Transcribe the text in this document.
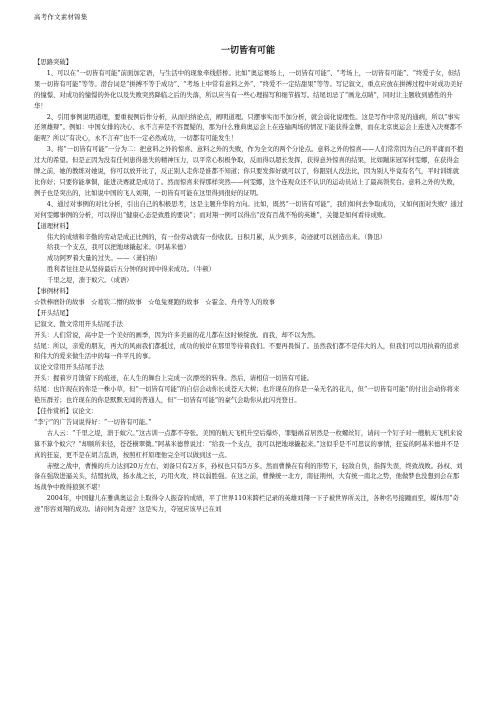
高考作文素材锦集
一切皆有可能

【思路突破】

1、可以在“一切皆有可能”前面加定语，与生活中的现象牵线搭桥。比如“奥运赛场上，一切皆有可能”、“考场上，一切皆有可能”、“终爱子女，但结果一切皆有可能”等等。潜台词是“拼搏不等于成功”、“考场上中常有意料之外”、“终爱不一定结甜果”等等。写记叙文，重点应放在拼搏过程中对成功美好的憧憬、对成功的憧憬的外化以及失败突然降临之后的失落，所以应当有一些心理描写和细节描写。结尾切忌了“画龙点睛”，同时让主题收到感性的升华！

2、引用事例说明道理，要重视例后作分析，从而归纳论点，阐明道理。只摆事实而不加分析，就会弱化说理性。这是写作中常见的通病，所以“事实还须雄辩”。例如：中国女排的决心、永不言弃是不容置疑的，那为什么雅典奥运会上在连输两场的情况下能获得金牌，而在北京奥运会上连进入决赛都不能呢？所以“有决心，永不言弃”也不一定必然成功，一切都有可能发生！

3、将“一切皆有可能”一分为二：把意料之外的惊喜、意料之外的失败，作为全文的两个分论点。意料之外的惊喜——人们常常因为自己的平庸而不抱过大的希望。但是正因为没有任何患得患失的精神压力，以平常心积极争取，反而得以超长发挥，获得意外惊喜的结果，比如蹦床冠军何雯娜，在获得金牌之前，她的教练对她说，你可以放开比了，反正别人走你是谁都不知道；你只要发挥好就可以了，你跟别人没法比，因为别人毕竟有名气，平时训练就比你好；只要你能拿铜，能进决赛就是成功了。然而惊喜来得那样突然——何雯娜，这个连观众还不认识的运动员站上了最高领奖台。意料之外的失败，例子也是突出的，比如说中国的飞人刘翔，一切皆有可能在这里得到很好的证明。

4、通过对事例的对比分析，引出自己的积极思考，这是主题升华的方向。比如，既然“一切皆有可能”，我们如何去争取成功，又如何面对失败？通过对何雯娜事例的分析，可以得出“健康心态是致胜的要诀”；而对翔一例可以得出“没有百战不殆的英雄”，关键是如何看待成败。

【道理材料】

伟大的成绩和辛勤的劳动是成正比例的，有一份劳动就有一份收获。日积月累，从少到多，奇迹就可以创造出来。（鲁迅）

给我一个支点，我可以把地球撬起来。（阿基米德）

成功阿罗着大量的过失。——（萧伯纳）

胜利者往往是从坚持最后五分钟的时间中得来成功。（牛顿）

千里之堤，溃于蚁穴。（成语）

【事例材料】

☆铁棒磨针的故事　☆葛钦二懵的故事　☆龟兔赛跑的故事　☆霍金、舟舟等人的故事

【开头结尾】

记叙文、散文常用开头结尾手法

开头：人们常说，高中是一个美好的画季，因为许多美丽的花儿都在这时候绽放。而我，却不以为然。

结尾：所以，亲爱的朋友，再大的风雨我们都抵过，成功的彼岸在那里等待着我们。不要再畏惧了。虽然我们都不是伟大的人，但我们可以用执着的追求和伟大的爱来做生活中的每一件平凡的事。

议论文常用开头结尾手法

开头：握着岁月馈留下的痕迹，在人生的舞台上完成一次漂亮的转身。然后，请相信一切皆有可能。

结尾：也许现在的你是一株小草，但“一切皆有可能”的自信会动你长成苍天大树；也许现在的你是一朵无名的花儿，但“一切皆有可能”的付出会动你将来艳压群芳；也许现在的你是默默无闻的普通人，但“一切皆有可能”的豪气会助你从此闪亮登日。

【佳作赏析】议论文：

“李宁”的广告词说得好：“一切皆有可能。”

古人云：“千里之堤，溃于蚁穴。”这古训一点都不夸张。美国的航天飞机升空后爆炸，罪魁祸首居然是一枚螺丝钉，请问一个钉子对一艘航天飞机来说算不算个蚁穴？“却顺所来径，苍苍横翠微。”阿基米德曾说过：“给我一个支点，我可以把地球撬起来。”这似乎是不可思议的事情，狂妄的阿基米德并不是真的狂妄，更不是在胡言乱语，按照杠杆原理他完全可以做到这一点。

赤壁之战中，曹操的兵力达到20万左右，刘备只有2万多，孙权也只有5万多。然而曹操在有利的形势下，轻敌自负，指挥失误，终致战败。孙权、刘备在强敌进逼关头，结盟抗战，扬水战之长，巧用火攻，终以弱胜强。在这之前，曹操统一北方，南征荆州，大有统一南北之势，他做梦也没想到会在那场战争中败得狼狈不堪！

2004年，中国健儿在雅典奥运会上取得令人振奋的成绩，平了世界110米跨栏记录的英雄刘翔一下子被世界所关注，各种名号接踵而至，媒体用“奇迹”形容刘翔的成功。请问何为奇迹？这是实力，夺冠应该早已在刘
